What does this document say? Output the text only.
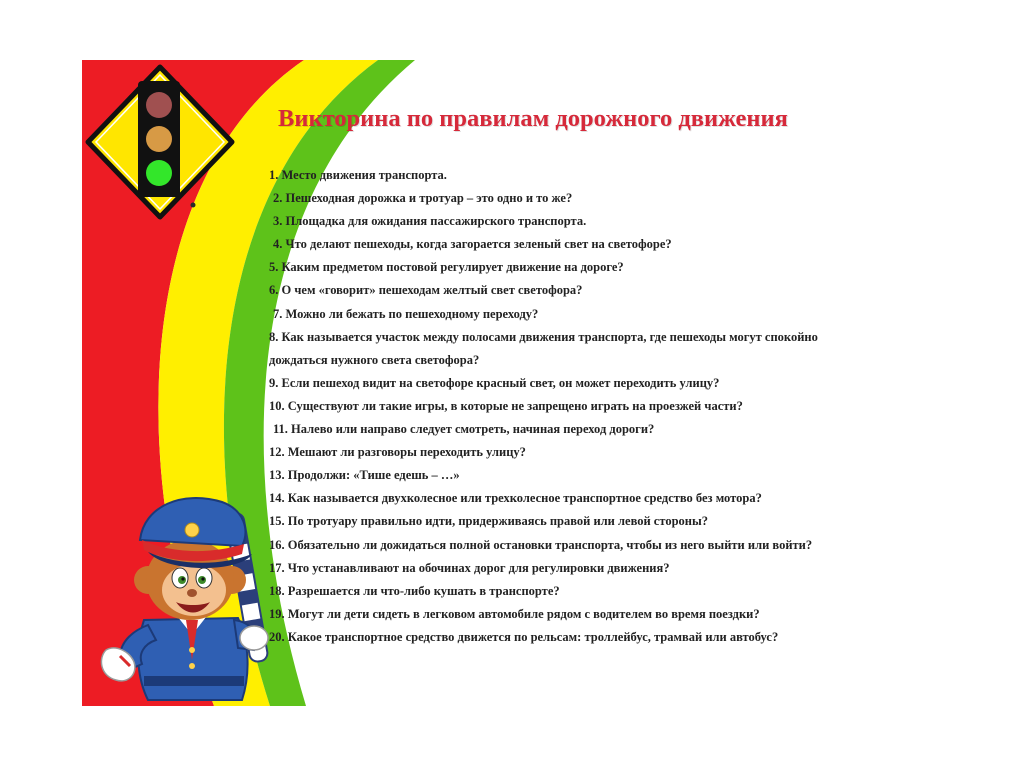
Викторина по правилам дорожного движения
1. Место движения транспорта.
2. Пешеходная дорожка и тротуар – это одно и то же?
3. Площадка для ожидания пассажирского транспорта.
4. Что делают пешеходы, когда загорается зеленый свет на светофоре?
5. Каким предметом постовой регулирует движение на дороге?
6. О чем «говорит» пешеходам желтый свет светофора?
7. Можно ли бежать по пешеходному переходу?
8. Как называется участок между полосами движения транспорта, где пешеходы могут спокойно
дождаться нужного света светофора?
9. Если пешеход видит на светофоре красный свет, он может переходить улицу?
10. Существуют ли такие игры, в которые не запрещено играть на проезжей части?
11. Налево или направо следует смотреть, начиная переход дороги?
12. Мешают ли разговоры переходить улицу?
13. Продолжи: «Тише едешь – …»
14. Как называется двухколесное или трехколесное транспортное средство без мотора?
15. По тротуару правильно идти, придерживаясь правой или левой стороны?
16. Обязательно ли дожидаться полной остановки транспорта, чтобы из него выйти или войти?
17. Что устанавливают на обочинах дорог для регулировки движения?
18. Разрешается ли что-либо кушать в транспорте?
19. Могут ли дети сидеть в легковом автомобиле рядом с водителем во время поездки?
20. Какое транспортное средство движется по рельсам: троллейбус, трамвай или автобус?
